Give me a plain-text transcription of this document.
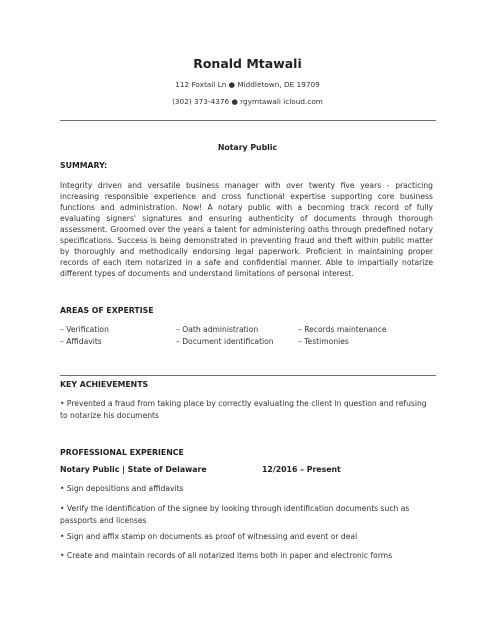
Ronald Mtawali
112 Foxtail Ln ● Middletown, DE 19709
(302) 373-4376 ● rgymtawali icloud.com
Notary Public
SUMMARY:
Integrity driven and versatile business manager with over twenty five years - practicing increasing responsible experience and cross functional expertise supporting core business functions and administration. Now! A notary public with a becoming track record of fully evaluating signers' signatures and ensuring authenticity of documents through thorough assessment. Groomed over the years a talent for administering oaths through predefined notary specifications. Success is being demonstrated in preventing fraud and theft within public matter by thoroughly and methodically endorsing legal paperwork. Proficient in maintaining proper records of each item notarized in a safe and confidential manner. Able to impartially notarize different types of documents and understand limitations of personal interest.
AREAS OF EXPERTISE
– Verification
– Affidavits
– Oath administration
– Document identification
– Records maintenance
– Testimonies
KEY ACHIEVEMENTS
• Prevented a fraud from taking place by correctly evaluating the client in question and refusing to notarize his documents
PROFESSIONAL EXPERIENCE
Notary Public | State of Delaware	12/2016 – Present
• Sign depositions and affidavits
• Verify the identification of the signee by looking through identification documents such as passports and licenses
• Sign and affix stamp on documents as proof of witnessing and event or deal
• Create and maintain records of all notarized items both in paper and electronic forms
